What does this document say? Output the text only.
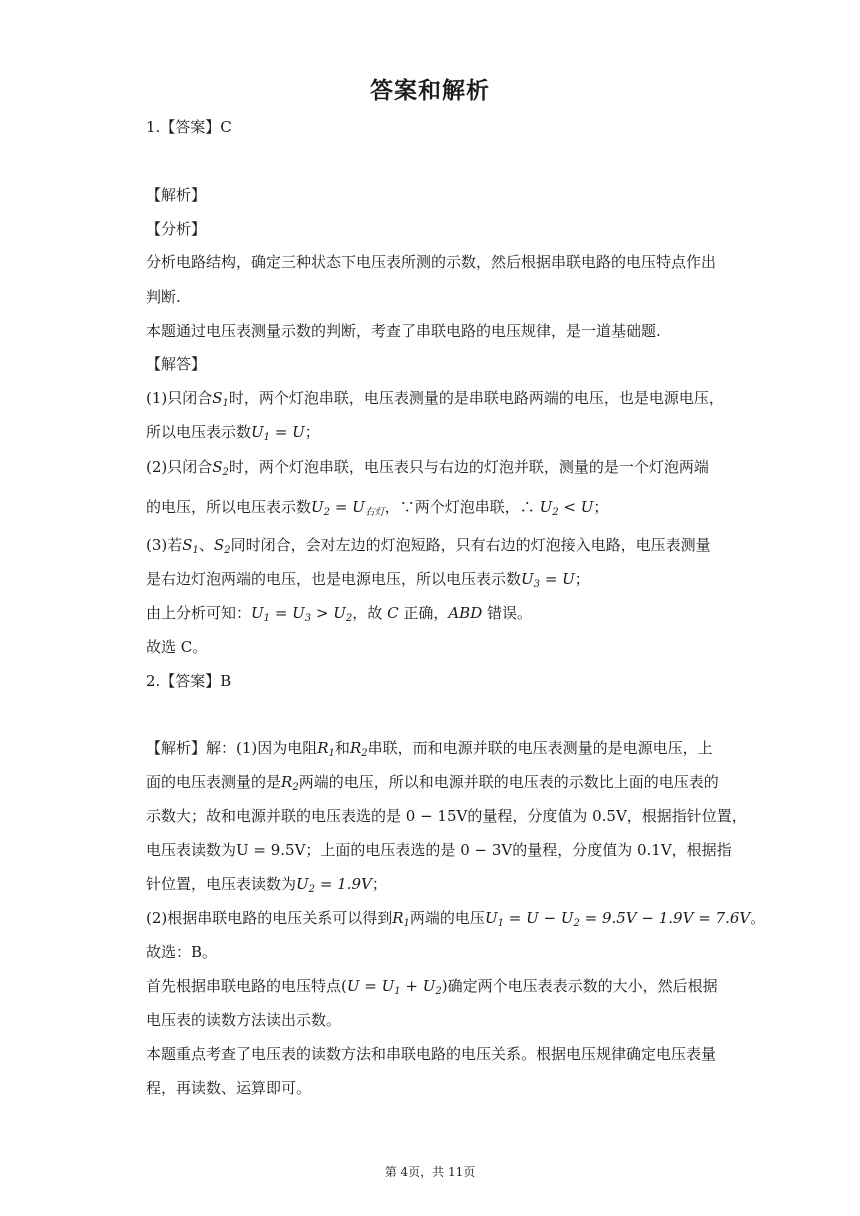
答案和解析
1.【答案】C
【解析】
【分析】
分析电路结构，确定三种状态下电压表所测的示数，然后根据串联电路的电压特点作出
判断.
本题通过电压表测量示数的判断，考查了串联电路的电压规律，是一道基础题.
【解答】
(1)只闭合$S_1$时，两个灯泡串联，电压表测量的是串联电路两端的电压，也是电源电压，
所以电压表示数$U_1 = U$；
(2)只闭合$S_2$时，两个灯泡串联，电压表只与右边的灯泡并联，测量的是一个灯泡两端
的电压，所以电压表示数$U_2 = U_{右灯}$，∵两个灯泡串联，∴ $U_2 < U$；
(3)若$S_1$、$S_2$同时闭合，会对左边的灯泡短路，只有右边的灯泡接入电路，电压表测量
是右边灯泡两端的电压，也是电源电压，所以电压表示数$U_3 = U$；
由上分析可知：$U_1 = U_3 > U_2$，故 C 正确，ABD 错误。
故选 C。
2.【答案】B
【解析】解：(1)因为电阻$R_1$和$R_2$串联，而和电源并联的电压表测量的是电源电压，上
面的电压表测量的是$R_2$两端的电压，所以和电源并联的电压表的示数比上面的电压表的
示数大；故和电源并联的电压表选的是 0 − 15V的量程，分度值为 0.5V，根据指针位置，
电压表读数为U = 9.5V；上面的电压表选的是 0 − 3V的量程，分度值为 0.1V，根据指
针位置，电压表读数为$U_2 = 1.9V$；
(2)根据串联电路的电压关系可以得到$R_1$两端的电压$U_1 = U - U_2 = 9.5V - 1.9V = 7.6V$。
故选：B。
首先根据串联电路的电压特点$(U = U_1 + U_2)$确定两个电压表表示数的大小，然后根据
电压表的读数方法读出示数。
本题重点考查了电压表的读数方法和串联电路的电压关系。根据电压规律确定电压表量
程，再读数、运算即可。
第 4页，共 11页
